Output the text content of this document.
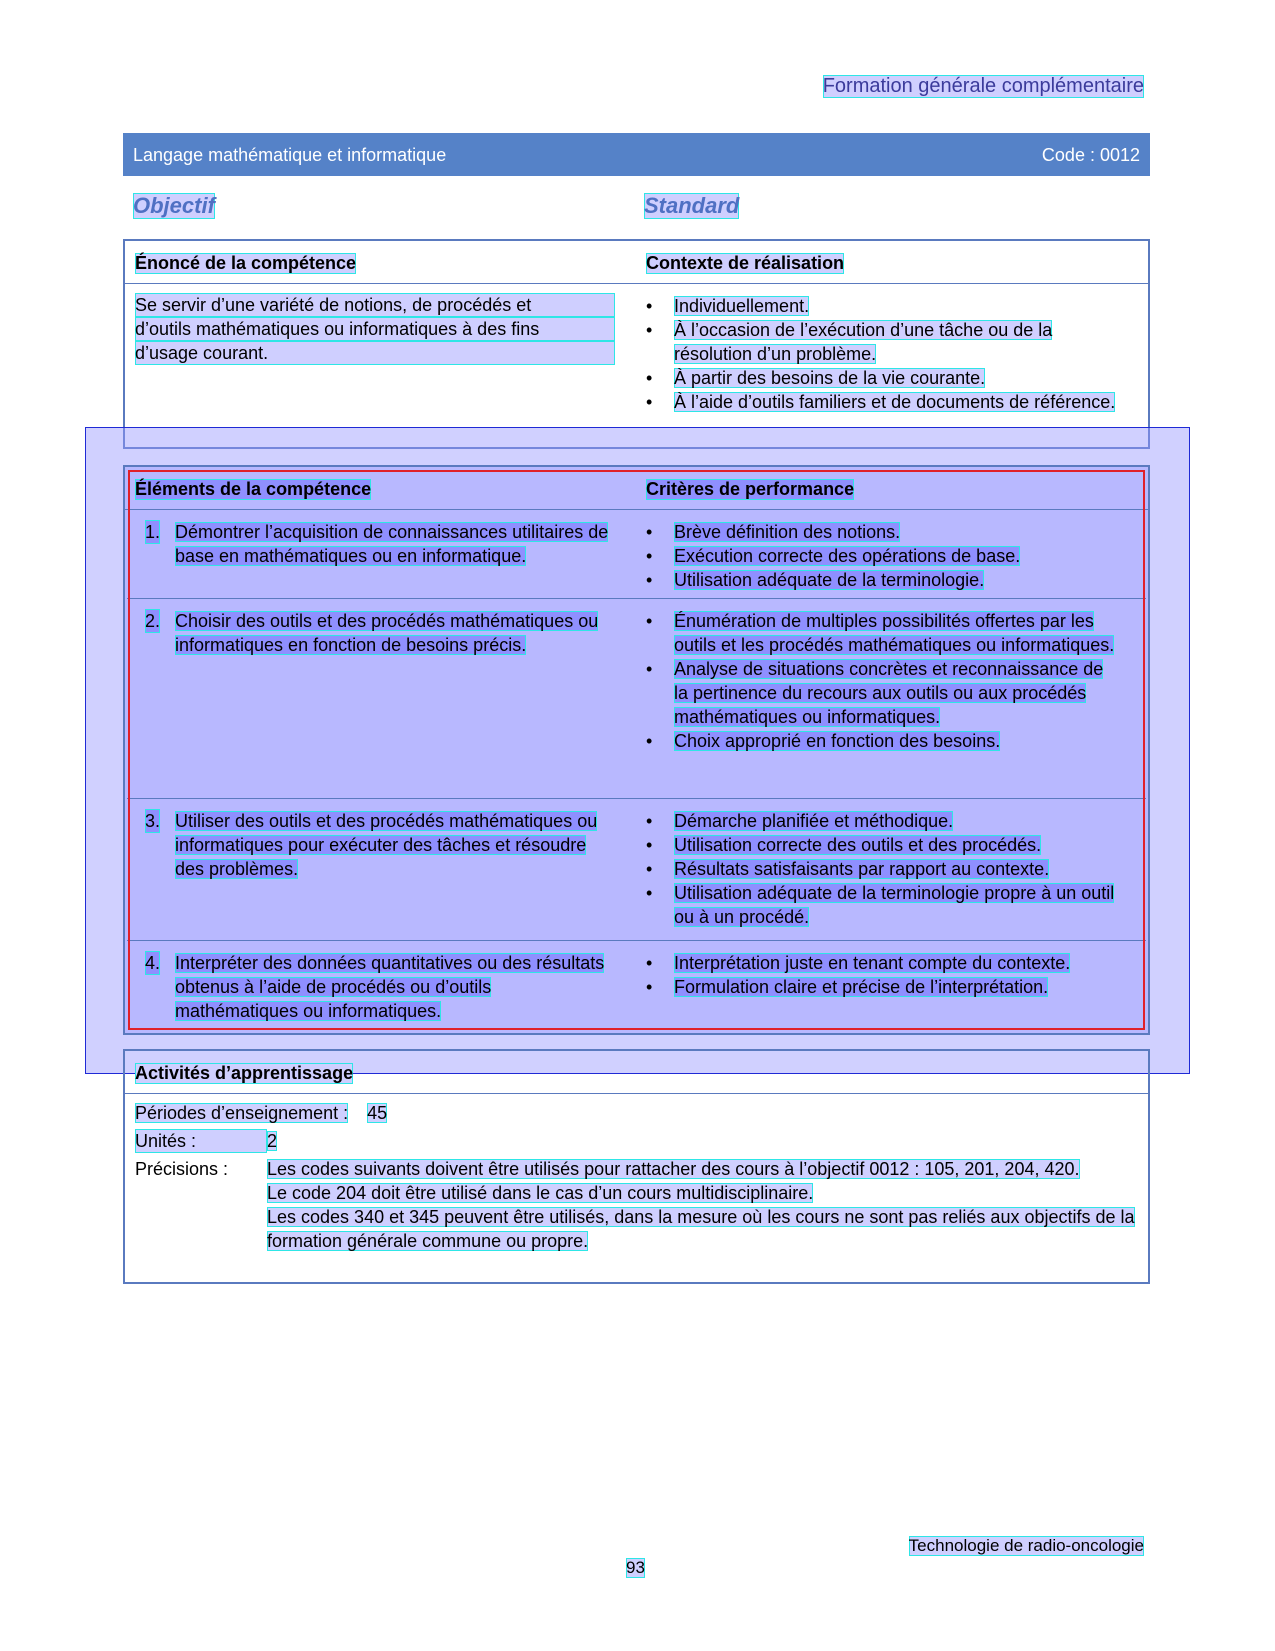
Formation générale complémentaire
Langage mathématique et informatique	Code : 0012
Objectif	Standard
Énoncé de la compétence	Contexte de réalisation
Se servir d’une variété de notions, de procédés et
d’outils mathématiques ou informatiques à des fins
d’usage courant.
• Individuellement.
• À l’occasion de l’exécution d’une tâche ou de la résolution d’un problème.
• À partir des besoins de la vie courante.
• À l’aide d’outils familiers et de documents de référence.
Éléments de la compétence	Critères de performance
1. Démontrer l’acquisition de connaissances utilitaires de base en mathématiques ou en informatique.
• Brève définition des notions.
• Exécution correcte des opérations de base.
• Utilisation adéquate de la terminologie.
2. Choisir des outils et des procédés mathématiques ou informatiques en fonction de besoins précis.
• Énumération de multiples possibilités offertes par les outils et les procédés mathématiques ou informatiques.
• Analyse de situations concrètes et reconnaissance de la pertinence du recours aux outils ou aux procédés mathématiques ou informatiques.
• Choix approprié en fonction des besoins.
3. Utiliser des outils et des procédés mathématiques ou informatiques pour exécuter des tâches et résoudre des problèmes.
• Démarche planifiée et méthodique.
• Utilisation correcte des outils et des procédés.
• Résultats satisfaisants par rapport au contexte.
• Utilisation adéquate de la terminologie propre à un outil ou à un procédé.
4. Interpréter des données quantitatives ou des résultats obtenus à l’aide de procédés ou d’outils mathématiques ou informatiques.
• Interprétation juste en tenant compte du contexte.
• Formulation claire et précise de l’interprétation.
Activités d’apprentissage
Périodes d’enseignement : 45
Unités :	2
Précisions : Les codes suivants doivent être utilisés pour rattacher des cours à l’objectif 0012 : 105, 201, 204, 420.
Le code 204 doit être utilisé dans le cas d’un cours multidisciplinaire.
Les codes 340 et 345 peuvent être utilisés, dans la mesure où les cours ne sont pas reliés aux objectifs de la formation générale commune ou propre.
Technologie de radio-oncologie
93
